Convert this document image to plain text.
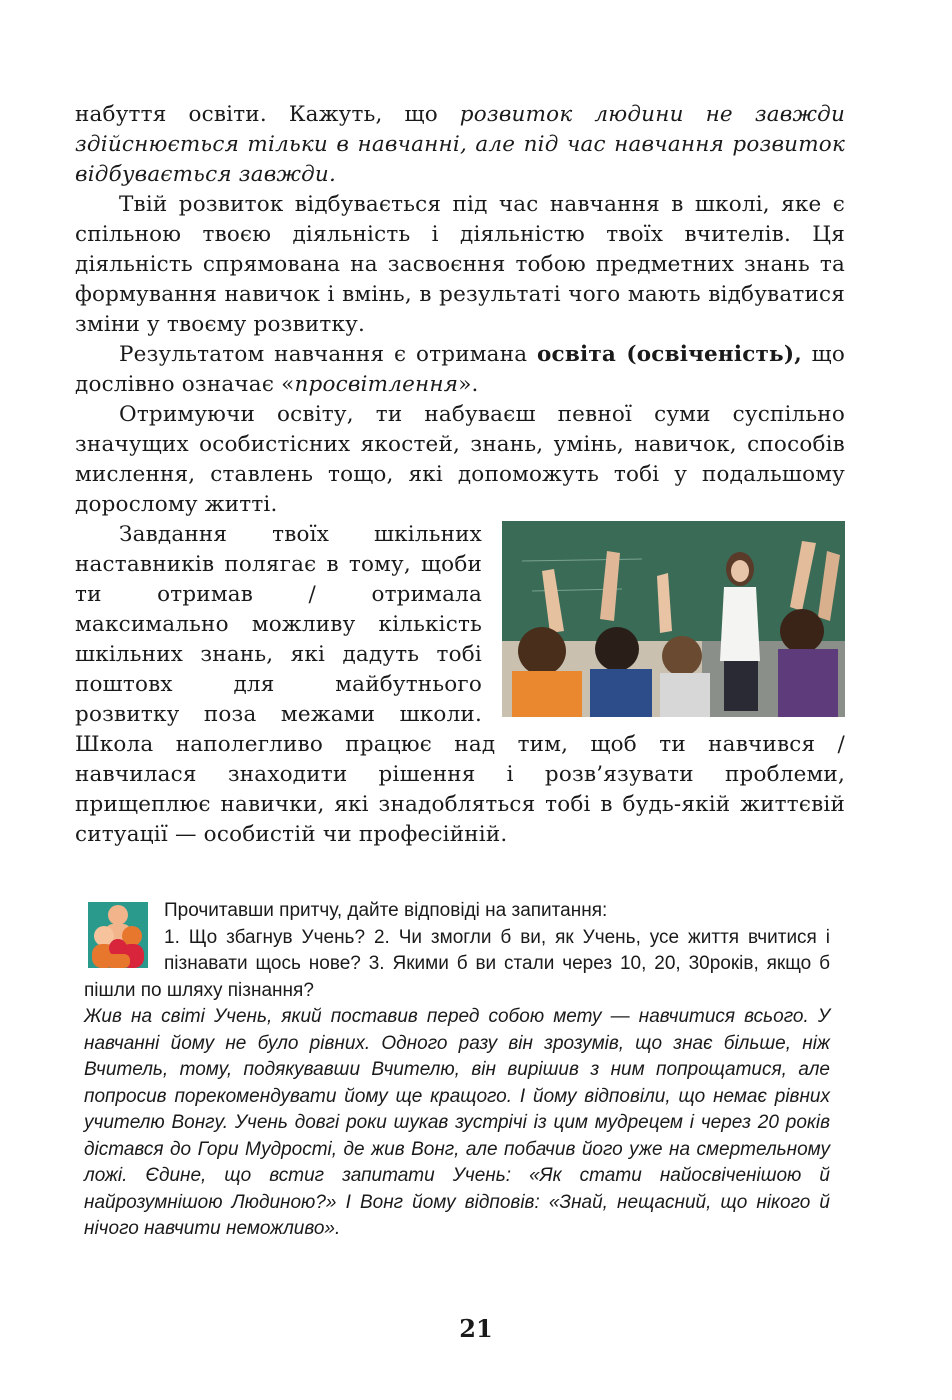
набуття освіти. Кажуть, що розвиток людини не завжди здійснюється тільки в навчанні, але під час навчання розвиток відбувається завжди.

Твій розвиток відбувається під час навчання в школі, яке є спільною твоєю діяльність і діяльністю твоїх вчителів. Ця діяльність спрямована на засвоєння тобою предметних знань та формування навичок і вмінь, в результаті чого мають відбуватися зміни у твоєму розвитку.

Результатом навчання є отримана освіта (освіченість), що дослівно означає «просвітлення».

Отримуючи освіту, ти набуваєш певної суми суспільно значущих особистісних якостей, знань, умінь, навичок, способів мислення, ставлень тощо, які допоможуть тобі у подальшому дорослому житті.

Завдання твоїх шкільних наставників полягає в тому, щоби ти отримав / отримала максимально можливу кількість шкільних знань, які дадуть тобі поштовх для майбутнього розвитку поза межами школи. Школа наполегливо працює над тим, щоб ти навчився / навчилася знаходити рішення і розв’язувати проблеми, прищеплює навички, які знадобляться тобі в будь-якій життєвій ситуації — особистій чи професійній.

Прочитавши притчу, дайте відповіді на запитання:

1. Що збагнув Учень? 2. Чи змогли б ви, як Учень, усе життя вчитися і пізнавати щось нове? 3. Якими б ви стали через 10, 20, 30років, якщо б пішли по шляху пізнання?

Жив на світі Учень, який поставив перед собою мету — навчитися всього. У навчанні йому не було рівних. Одного разу він зрозумів, що знає більше, ніж Вчитель, тому, подякувавши Вчителю, він вирішив з ним попрощатися, але попросив порекомендувати йому ще кращого. І йому відповіли, що немає рівних учителю Вонгу. Учень довгі роки шукав зустрічі із цим мудрецем і через 20 років дістався до Гори Мудрості, де жив Вонг, але побачив його уже на смертельному ложі. Єдине, що встиг запитати Учень: «Як стати найосвіченішою й найрозумнішою Людиною?» І Вонг йому відповів: «Знай, нещасний, що нікого й нічого навчити неможливо».

21
